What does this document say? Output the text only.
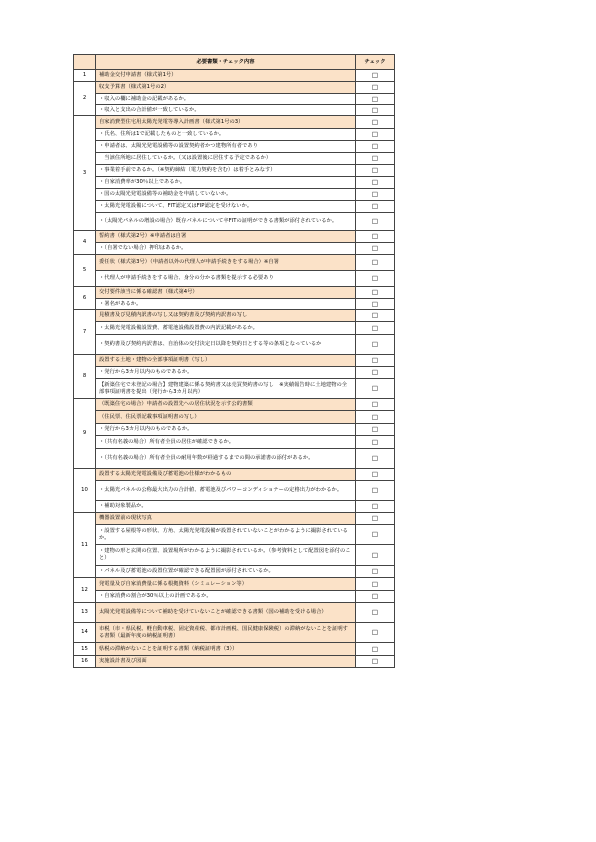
	必要書類・チェック内容	チェック
1	補助金交付申請書（様式第1号）	□
2	収支予算書（様式第1号の2）	□
	・収入の欄に補助金の記載があるか。	□
	・収入と支出の合計値が一致しているか。	□
3	自家消費型住宅用太陽光発電等導入計画書（様式第1号の3）	□
	・氏名、住所は1で記載したものと一致しているか。	□
	・申請者は、太陽光発電設備等の設置契約者かつ建物所有者であり	□
	　当該住所地に居住しているか。（又は設置後に居住する予定であるか）	□
	・事業着手前であるか。（※契約締結（電力契約を含む）は着手とみなす）	□
	・自家消費率が30％以上であるか。	□
	・国の太陽光発電設備等の補助金を申請していないか。	□
	・太陽光発電設備について、FIT認定又はFIP認定を受けないか。	□
	・（太陽光パネルの増設の場合）既存パネルについて卒FITの証明ができる書類が添付されているか。	□
4	誓約書（様式第2号）※申請者は自署	□
	・（自署でない場合）押印はあるか。	□
5	委任状（様式第3号）（申請者以外の代理人が申請手続きをする場合）※自署	□
	・代理人が申請手続きをする場合、身分の分かる書類を提示する必要あり	□
6	交付要件該当に係る確認書（様式第4号）	□
	・署名があるか。	□
7	見積書及び見積内訳書の写し又は契約書及び契約内訳書の写し	□
	・太陽光発電設備設置費、蓄電池設備設置費の内訳記載があるか。	□
	・契約書及び契約内訳書は、自治体の交付決定日以降を契約日とする等の条項となっているか	□
8	設置する土地・建物の全部事項証明書（写し）	□
	・発行から3カ月以内のものであるか。	□
	【新築住宅で未登記の場合】建物建築に係る契約書又は売買契約書の写し　※実績報告時に土地建物の全部事項証明書を提出（発行から3カ月以内）	□
9	（既築住宅の場合）申請者の設置先への居住状況を示す公的書類	□
	（住民票、住民票記載事項証明書の写し）	□
	・発行から3カ月以内のものであるか。	□
	・（共有名義の場合）所有者全員の居住が確認できるか。	□
	・（共有名義の場合）所有者全員の耐用年数が経過するまでの間の承諾書の添付があるか。	□
10	設置する太陽光発電設備及び蓄電池の仕様がわかるもの	□
	・太陽光パネルの公称最大出力の合計値、蓄電池及びパワーコンディショナーの定格出力がわかるか。	□
	・補助対象製品か。	□
11	機器設置前の現状写真	□
	・設置する屋根等の形状、方角、太陽光発電設備が設置されていないことがわかるように撮影されているか。	□
	・建物の形と玄関の位置、設置場所がわかるように撮影されているか。（参考資料として配置図を添付のこと）	□
	・パネル及び蓄電池の設置位置が確認できる配置図が添付されているか。	□
12	発電量及び自家消費量に係る根拠資料（シミュレーション等）	□
	・自家消費の割合が30％以上の計画であるか。	□
13	太陽光発電設備等について補助を受けていないことが確認できる書類（国の補助を受ける場合）	□
14	市税（市・県民税、軽自動車税、固定資産税、都市計画税、国民健康保険税）の滞納がないことを証明する書類（最新年度の納税証明書）	□
15	県税の滞納がないことを証明する書類（納税証明書（3））	□
16	実施設計書及び図面	□
